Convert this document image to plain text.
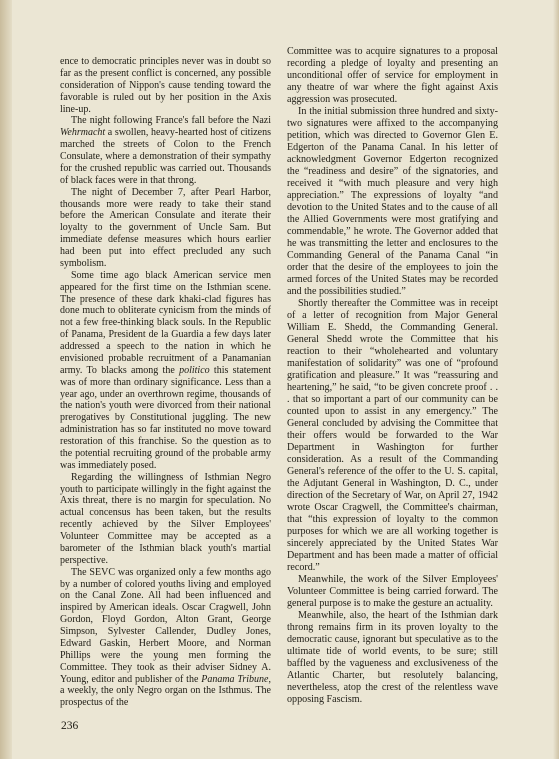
ence to democratic principles never was in doubt so far as the present conflict is concerned, any possible consideration of Nippon's cause tending toward the favorable is ruled out by her position in the Axis line-up.

The night following France's fall before the Nazi Wehrmacht a swollen, heavy-hearted host of citizens marched the streets of Colon to the French Consulate, where a demonstration of their sympathy for the crushed republic was carried out. Thousands of black faces were in that throng.

The night of December 7, after Pearl Harbor, thousands more were ready to take their stand before the American Consulate and iterate their loyalty to the government of Uncle Sam. But immediate defense measures which hours earlier had been put into effect precluded any such symbolism.

Some time ago black American service men appeared for the first time on the Isthmian scene. The presence of these dark khaki-clad figures has done much to obliterate cynicism from the minds of not a few free-thinking black souls. In the Republic of Panama, President de la Guardia a few days later addressed a speech to the nation in which he envisioned probable recruitment of a Panamanian army. To blacks among the politico this statement was of more than ordinary significance. Less than a year ago, under an overthrown regime, thousands of the nation's youth were divorced from their national prerogatives by Constitutional juggling. The new administration has so far instituted no move toward restoration of this franchise. So the question as to the potential recruiting ground of the probable army was immediately posed.

Regarding the willingness of Isthmian Negro youth to participate willingly in the fight against the Axis threat, there is no margin for speculation. No actual concensus has been taken, but the results recently achieved by the Silver Employees' Volunteer Committee may be accepted as a barometer of the Isthmian black youth's martial perspective.

The SEVC was organized only a few months ago by a number of colored youths living and employed on the Canal Zone. All had been influenced and inspired by American ideals. Oscar Cragwell, John Gordon, Floyd Gordon, Alton Grant, George Simpson, Sylvester Callender, Dudley Jones, Edward Gaskin, Herbert Moore, and Norman Phillips were the young men forming the Committee. They took as their adviser Sidney A. Young, editor and publisher of the Panama Tribune, a weekly, the only Negro organ on the Isthmus. The prospectus of the

Committee was to acquire signatures to a proposal recording a pledge of loyalty and presenting an unconditional offer of service for employment in any theatre of war where the fight against Axis aggression was prosecuted.

In the initial submission three hundred and sixty-two signatures were affixed to the accompanying petition, which was directed to Governor Glen E. Edgerton of the Panama Canal. In his letter of acknowledgment Governor Edgerton recognized the “readiness and desire” of the signatories, and received it “with much pleasure and very high appreciation.” The expressions of loyalty “and devotion to the United States and to the cause of all the Allied Governments were most gratifying and commendable,” he wrote. The Governor added that he was transmitting the letter and enclosures to the Commanding General of the Panama Canal “in order that the desire of the employees to join the armed forces of the United States may be recorded and the possibilities studied.”

Shortly thereafter the Committee was in receipt of a letter of recognition from Major General William E. Shedd, the Commanding General. General Shedd wrote the Committee that his reaction to their “wholehearted and voluntary manifestation of solidarity” was one of “profound gratification and pleasure.” It was “reassuring and heartening,” he said, “to be given concrete proof . . . that so important a part of our community can be counted upon to assist in any emergency.” The General concluded by advising the Committee that their offers would be forwarded to the War Department in Washington for further consideration. As a result of the Commanding General's reference of the offer to the U. S. capital, the Adjutant General in Washington, D. C., under direction of the Secretary of War, on April 27, 1942 wrote Oscar Cragwell, the Committee's chairman, that “this expression of loyalty to the common purposes for which we are all working together is sincerely appreciated by the United States War Department and has been made a matter of official record.”

Meanwhile, the work of the Silver Employees' Volunteer Committee is being carried forward. The general purpose is to make the gesture an actuality.

Meanwhile, also, the heart of the Isthmian dark throng remains firm in its proven loyalty to the democratic cause, ignorant but speculative as to the ultimate tide of world events, to be sure; still baffled by the vagueness and exclusiveness of the Atlantic Charter, but resolutely balancing, nevertheless, atop the crest of the relentless wave opposing Fascism.

236
